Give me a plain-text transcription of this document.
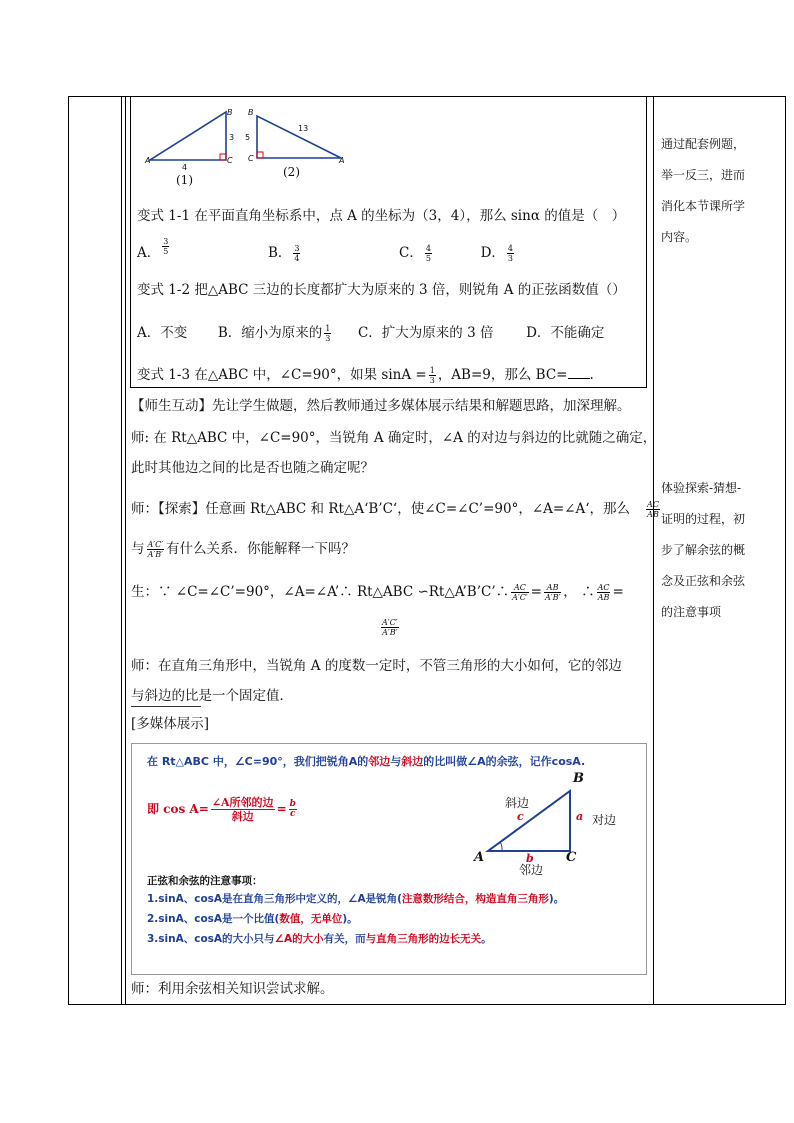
A
B
C
3
4
(1)
B
C	A
5
13
(2)
变式 1-1 在平面直角坐标系中，点 A 的坐标为（3，4），那么 sinα 的值是（　）
A． $\frac{3}{5}$	B． $\frac{3}{4}$	C． $\frac{4}{5}$	D． $\frac{4}{3}$
变式 1-2 把△ABC 三边的长度都扩大为原来的 3 倍，则锐角 A 的正弦函数值（）
A．不变 B．缩小为原来的 $\frac{1}{3}$ C．扩大为原来的 3 倍 D．不能确定
变式 1-3 在△ABC 中，∠C=90°，如果 $\sin A = \frac{1}{3}$ ，AB=9，那么 BC= .
【师生互动】先让学生做题，然后教师通过多媒体展示结果和解题思路，加深理解。
师: 在 Rt△ABC 中，∠C=90°，当锐角 A 确定时，∠A 的对边与斜边的比就随之确定，
此时其他边之间的比是否也随之确定呢？
师：【探索】任意画 Rt△ABC 和 Rt△A‘B’C‘，使∠C=∠C’=90°，∠A=∠A‘，那么 $\frac{AC}{AB}$
与 $\frac{A'C'}{A'B'}$ 有什么关系．你能解释一下吗？
生：∵ ∠C=∠C’=90°，∠A=∠A’∴ Rt△ABC ∽Rt△A’B’C’∴ $\frac{AC}{A'C'} = \frac{AB}{A'B'}$ ， ∴ $\frac{AC}{AB}$ =
$\frac{A'C'}{A'B'}$
师：在直角三角形中，当锐角 A 的度数一定时，不管三角形的大小如何，它的邻边
与斜边的比是一个固定值．
[多媒体展示]
在 Rt△ABC 中，∠C=90°，我们把锐角A的邻边与斜边的比叫做∠A的余弦，记作cosA.
即 $\cos A= \frac{\text{∠A所邻的边}}{\text{斜边}} = \frac{b}{c}$
B
A	C
c	a
b
斜边
对边
邻边
正弦和余弦的注意事项：
1.sinA、cosA是在直角三角形中定义的，∠A是锐角(注意数形结合，构造直角三角形)。
2.sinA、cosA是一个比值(数值，无单位)。
3.sinA、cosA的大小只与∠A的大小有关，而与直角三角形的边长无关。
师：利用余弦相关知识尝试求解。
通过配套例题，
举一反三，进而
消化本节课所学
内容。
体验探索-猜想-
证明的过程，初
步了解余弦的概
念及正弦和余弦
的注意事项
